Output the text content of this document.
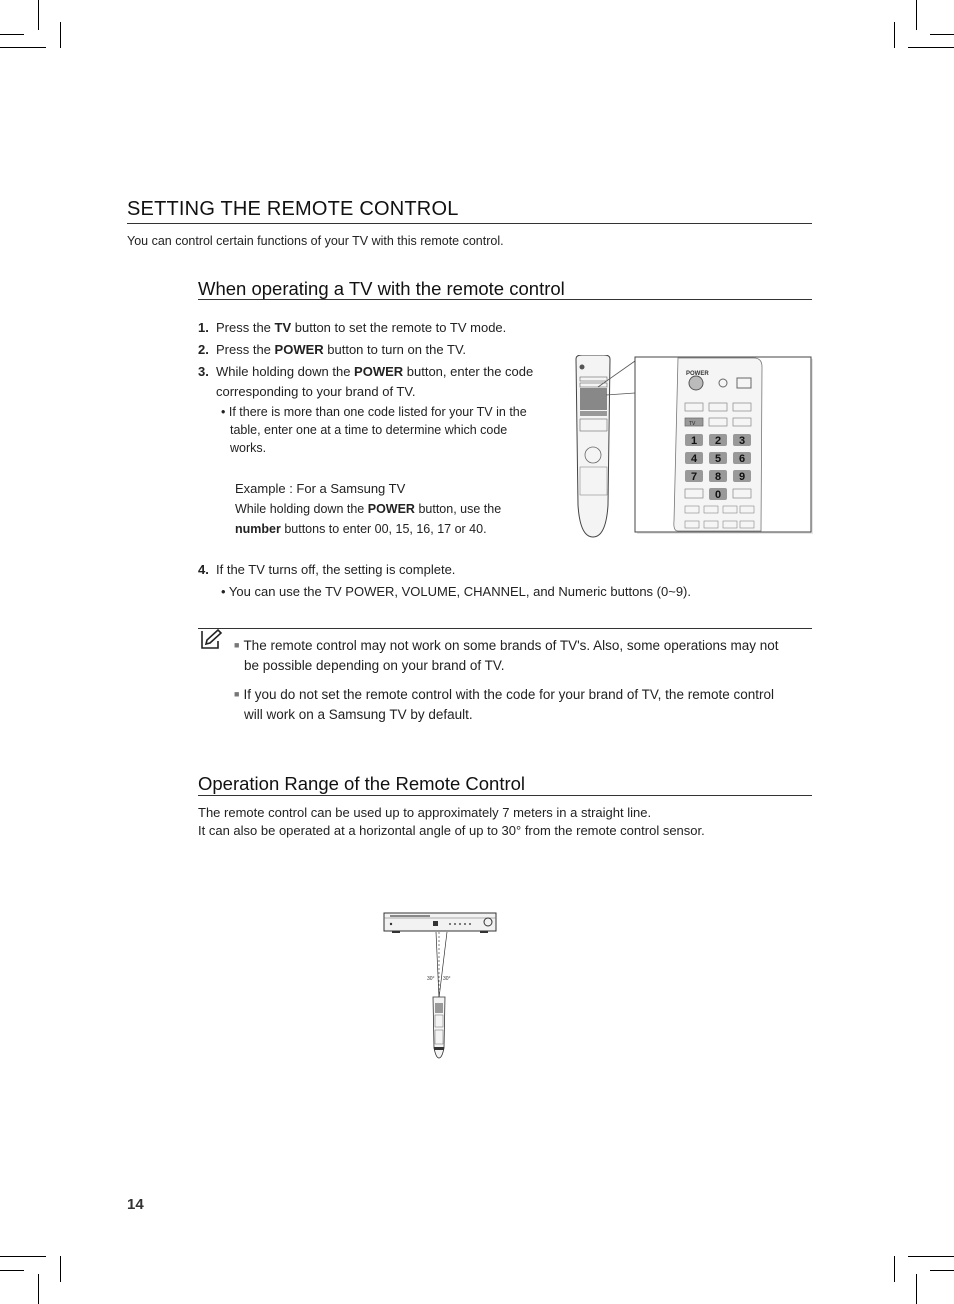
SETTING THE REMOTE CONTROL
You can control certain functions of your TV with this remote control.
When operating a TV with the remote control
1. Press the TV button to set the remote to TV mode.
2. Press the POWER button to turn on the TV.
3. While holding down the POWER button, enter the code
corresponding to your brand of TV.
• If there is more than one code listed for your TV in the
table, enter one at a time to determine which code
works.
Example : For a Samsung TV
While holding down the POWER button, use the
number buttons to enter 00, 15, 16, 17 or 40.
POWER
TV
1 2 3
4 5 6
7 8 9
0
4. If the TV turns off, the setting is complete.
• You can use the TV POWER, VOLUME, CHANNEL, and Numeric buttons (0~9).
■ The remote control may not work on some brands of TV's. Also, some operations may not
be possible depending on your brand of TV.
■ If you do not set the remote control with the code for your brand of TV, the remote control
will work on a Samsung TV by default.
Operation Range of the Remote Control
The remote control can be used up to approximately 7 meters in a straight line.
It can also be operated at a horizontal angle of up to 30° from the remote control sensor.
30° 30°
14
